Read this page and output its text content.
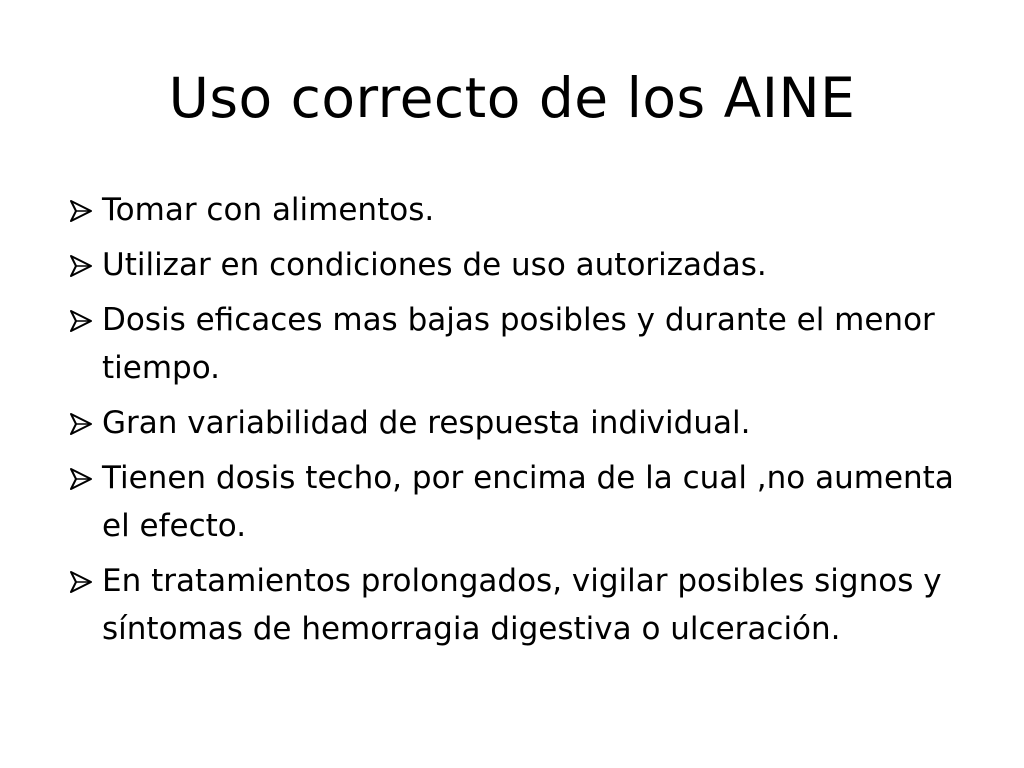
Uso correcto de los AINE
Tomar con alimentos.
Utilizar en condiciones de uso autorizadas.
Dosis eficaces mas bajas posibles y durante el menor tiempo.
Gran variabilidad de respuesta individual.
Tienen dosis techo, por encima de la cual ,no aumenta el efecto.
En tratamientos prolongados, vigilar posibles signos y síntomas de hemorragia digestiva o ulceración.
